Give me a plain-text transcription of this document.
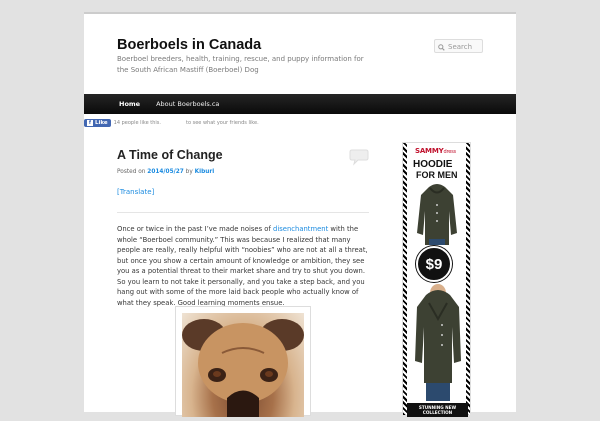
Boerboels in Canada
Boerboel breeders, health, training, rescue, and puppy information for the South African Mastiff (Boerboel) Dog
Search
Home	About Boerboels.ca
f Like 14 people like this.	to see what your friends like.
A Time of Change
Posted on 2014/05/27 by Kiburi
[Translate]
Once or twice in the past I’ve made noises of disenchantment with the whole “Boerboel community.” This was because I realized that many people are really, really helpful with “noobies” who are not at all a threat, but once you show a certain amount of knowledge or ambition, they see you as a potential threat to their market share and try to shut you down. So you learn to not take it personally, and you take a step back, and you hang out with some of the more laid back people who actually know of what they speak. Good learning moments ensue.
SAMMYdress
HOODIE
FOR MEN
$9
STUNNING NEW COLLECTION
